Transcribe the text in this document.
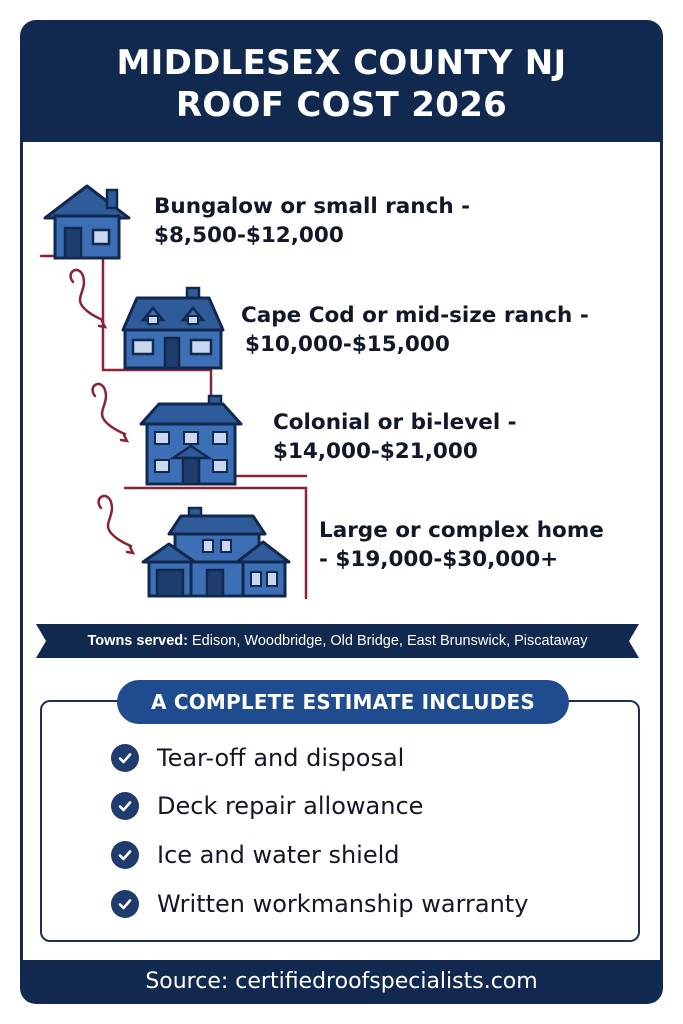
MIDDLESEX COUNTY NJ
ROOF COST 2026
Bungalow or small ranch -
$8,500-$12,000
Cape Cod or mid-size ranch -
$10,000-$15,000
Colonial or bi-level -
$14,000-$21,000
Large or complex home
- $19,000-$30,000+
Towns served: Edison, Woodbridge, Old Bridge, East Brunswick, Piscataway
A COMPLETE ESTIMATE INCLUDES
Tear-off and disposal
Deck repair allowance
Ice and water shield
Written workmanship warranty
Source: certifiedroofspecialists.com
